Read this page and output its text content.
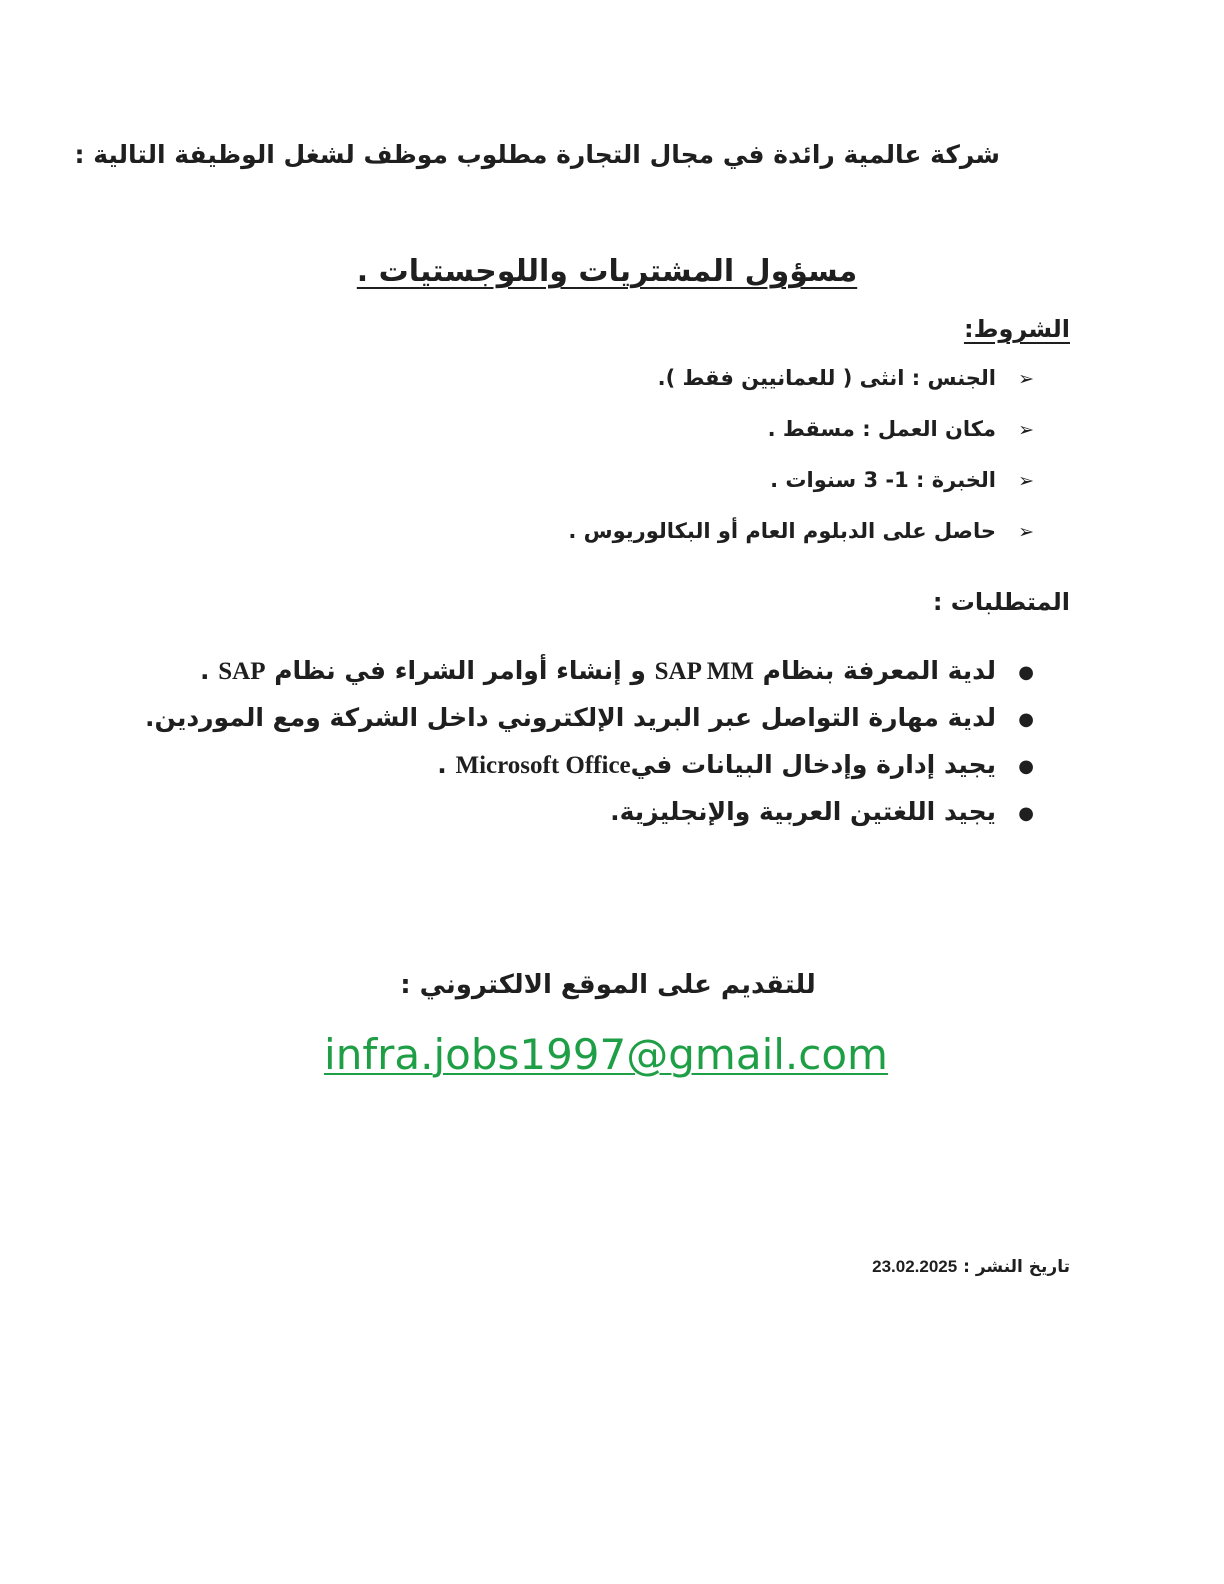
شركة عالمية رائدة في مجال التجارة مطلوب موظف لشغل الوظيفة التالية :
مسؤول المشتريات واللوجستيات .
الشروط:
➢
الجنس : انثى ( للعمانيين فقط ).
➢
مكان العمل : مسقط .
➢
الخبرة : 1- 3 سنوات .
➢
حاصل على الدبلوم العام أو البكالوريوس .
المتطلبات :
●
لدية المعرفة بنظام SAP MM و إنشاء أوامر الشراء في نظام SAP .
●
لدية مهارة التواصل عبر البريد الإلكتروني داخل الشركة ومع الموردين.
●
يجيد إدارة وإدخال البيانات فيMicrosoft Office .
●
يجيد اللغتين العربية والإنجليزية.
للتقديم على الموقع الالكتروني :
infra.jobs1997@gmail.com
تاريخ النشر : 23.02.2025
